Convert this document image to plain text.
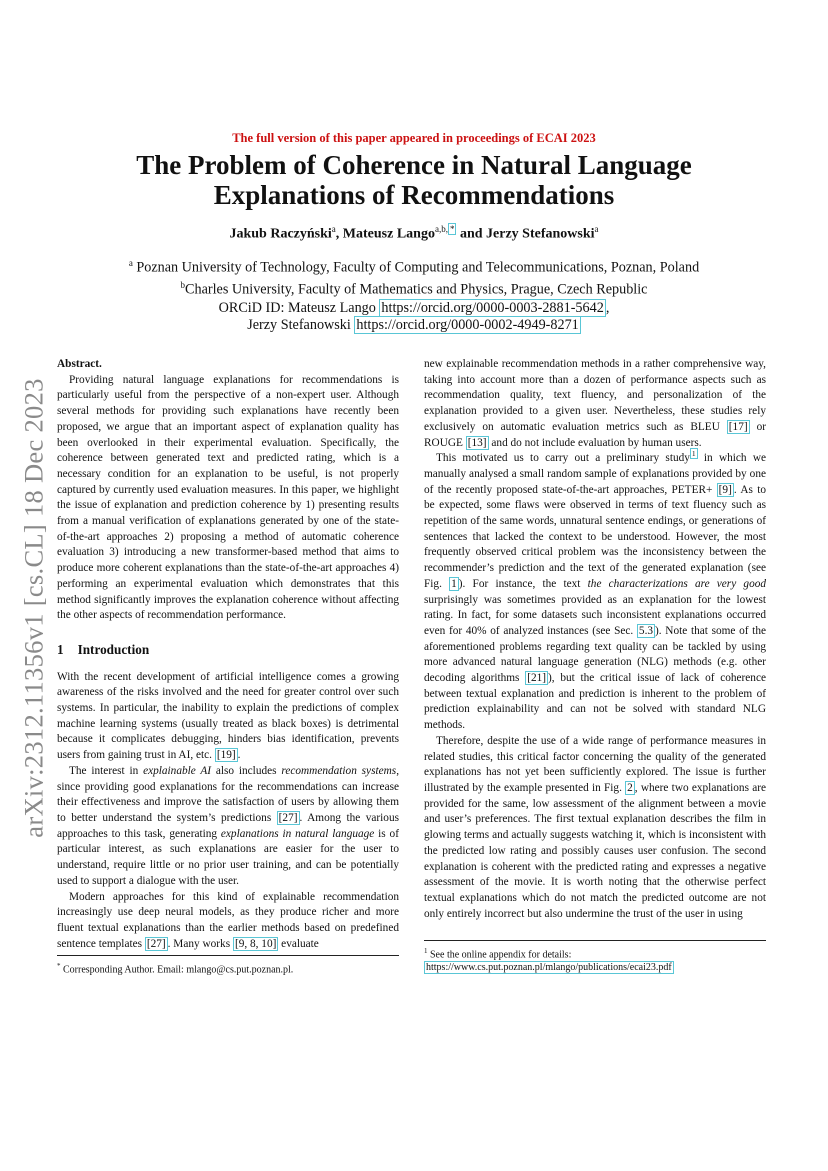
arXiv:2312.11356v1 [cs.CL] 18 Dec 2023
The full version of this paper appeared in proceedings of ECAI 2023
The Problem of Coherence in Natural Language Explanations of Recommendations
Jakub Raczyński$^a$, Mateusz Lango$^{a,b, *}$ and Jerzy Stefanowski$^a$
$^a$ Poznan University of Technology, Faculty of Computing and Telecommunications, Poznan, Poland
$^b$Charles University, Faculty of Mathematics and Physics, Prague, Czech Republic
ORCiD ID: Mateusz Lango https://orcid.org/0000-0003-2881-5642 ,
Jerzy Stefanowski https://orcid.org/0000-0002-4949-8271
Abstract.

Providing natural language explanations for recommendations is particularly useful from the perspective of a non-expert user. Although several methods for providing such explanations have recently been proposed, we argue that an important aspect of explanation quality has been overlooked in their experimental evaluation. Specifically, the coherence between generated text and predicted rating, which is a necessary condition for an explanation to be useful, is not properly captured by currently used evaluation measures. In this paper, we highlight the issue of explanation and prediction coherence by 1) presenting results from a manual verification of explanations generated by one of the state-of-the-art approaches 2) proposing a method of automatic coherence evaluation 3) introducing a new transformer-based method that aims to produce more coherent explanations than the state-of-the-art approaches 4) performing an experimental evaluation which demonstrates that this method significantly improves the explanation coherence without affecting the other aspects of recommendation performance.

1 Introduction

With the recent development of artificial intelligence comes a growing awareness of the risks involved and the need for greater control over such systems. In particular, the inability to explain the predictions of complex machine learning systems (usually treated as black boxes) is detrimental because it complicates debugging, hinders bias identification, prevents users from gaining trust in AI, etc. [19] .

The interest in explainable AI also includes recommendation systems, since providing good explanations for the recommendations can increase their effectiveness and improve the satisfaction of users by allowing them to better understand the system’s predictions [27] . Among the various approaches to this task, generating explanations in natural language is of particular interest, as such explanations are easier for the user to understand, require little or no prior user training, and can be potentially used to support a dialogue with the user.

Modern approaches for this kind of explainable recommendation increasingly use deep neural models, as they produce richer and more fluent textual explanations than the earlier methods based on predefined sentence templates [27] . Many works [9, 8, 10] evaluate

new explainable recommendation methods in a rather comprehensive way, taking into account more than a dozen of performance aspects such as recommendation quality, text fluency, and personalization of the explanation provided to a given user. Nevertheless, these studies rely exclusively on automatic evaluation metrics such as BLEU [17] or ROUGE [13] and do not include evaluation by human users.

This motivated us to carry out a preliminary study $^1$ in which we manually analysed a small random sample of explanations provided by one of the recently proposed state-of-the-art approaches, PETER+ [9] . As to be expected, some flaws were observed in terms of text fluency such as repetition of the same words, unnatural sentence endings, or generations of sentences that lacked the context to be understood. However, the most frequently observed critical problem was the inconsistency between the recommender’s prediction and the text of the generated explanation (see Fig. 1 ). For instance, the text the characterizations are very good surprisingly was sometimes provided as an explanation for the lowest rating. In fact, for some datasets such inconsistent explanations occurred even for 40% of analyzed instances (see Sec. 5.3 ). Note that some of the aforementioned problems regarding text quality can be tackled by using more advanced natural language generation (NLG) methods (e.g. other decoding algorithms [21] ), but the critical issue of lack of coherence between textual explanation and prediction is inherent to the problem of prediction explainability and can not be solved with standard NLG methods.

Therefore, despite the use of a wide range of performance measures in related studies, this critical factor concerning the quality of the generated explanations has not yet been sufficiently explored. The issue is further illustrated by the example presented in Fig. 2 , where two explanations are provided for the same, low assessment of the alignment between a movie and user’s preferences. The first textual explanation describes the film in glowing terms and actually suggests watching it, which is inconsistent with the predicted low rating and possibly causes user confusion. The second explanation is coherent with the predicted rating and expresses a negative assessment of the movie. It is worth noting that the otherwise perfect textual explanations which do not match the predicted outcome are not only entirely incorrect but also undermine the trust of the user in using

* Corresponding Author. Email: mlango@cs.put.poznan.pl.
$^1$ See the online appendix for details: https://www.cs.put.poznan.pl/mlango/publications/ecai23.pdf
